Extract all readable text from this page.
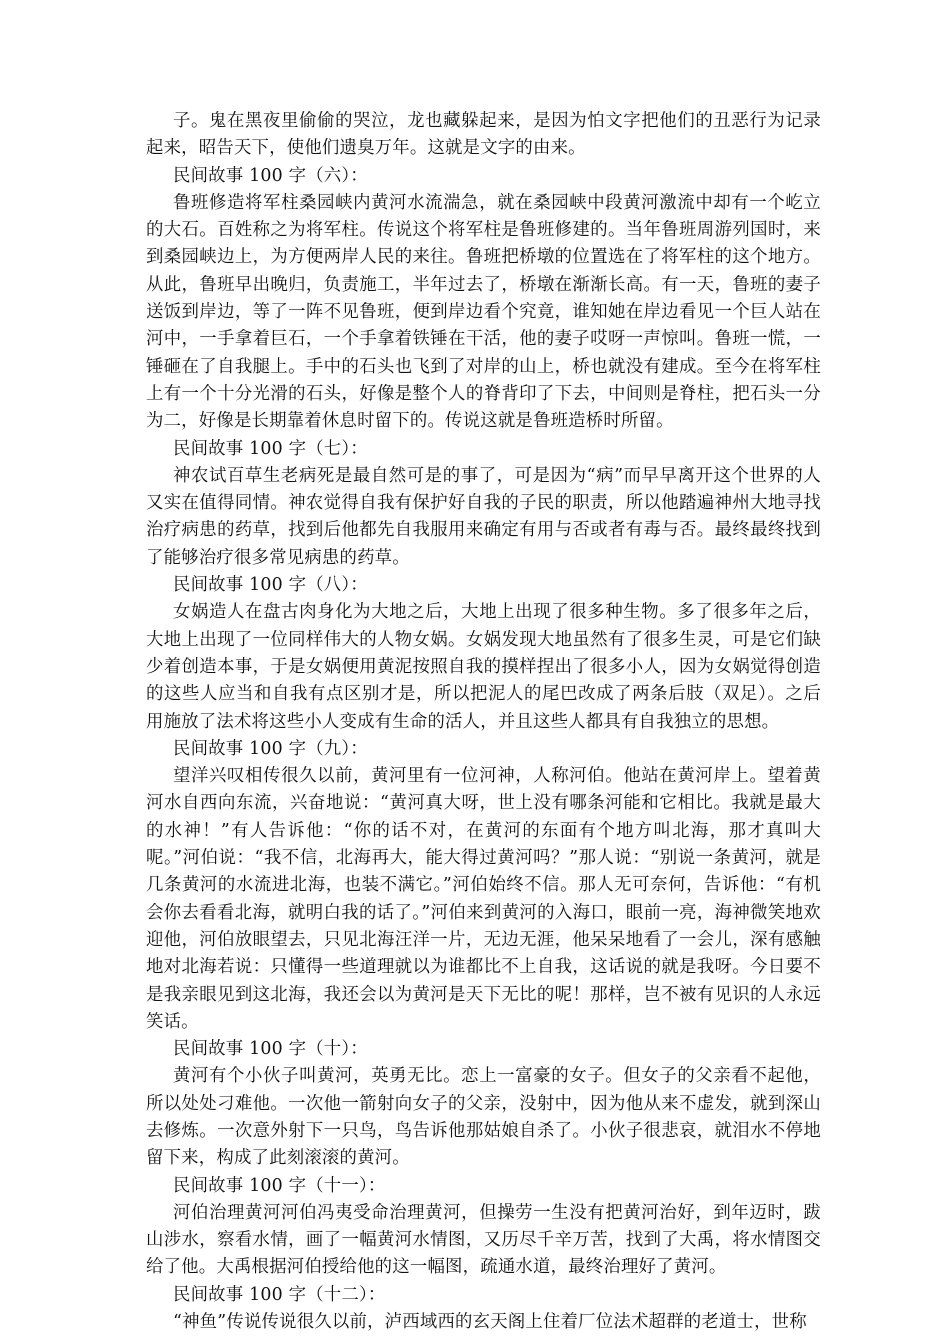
子。鬼在黑夜里偷偷的哭泣，龙也藏躲起来，是因为怕文字把他们的丑恶行为记录起来，昭告天下，使他们遗臭万年。这就是文字的由来。

民间故事 100 字（六）：

鲁班修造将军柱桑园峡内黄河水流湍急，就在桑园峡中段黄河激流中却有一个屹立的大石。百姓称之为将军柱。传说这个将军柱是鲁班修建的。当年鲁班周游列国时，来到桑园峡边上，为方便两岸人民的来往。鲁班把桥墩的位置选在了将军柱的这个地方。从此，鲁班早出晚归，负责施工，半年过去了，桥墩在渐渐长高。有一天，鲁班的妻子送饭到岸边，等了一阵不见鲁班，便到岸边看个究竟，谁知她在岸边看见一个巨人站在河中，一手拿着巨石，一个手拿着铁锤在干活，他的妻子哎呀一声惊叫。鲁班一慌，一锤砸在了自我腿上。手中的石头也飞到了对岸的山上，桥也就没有建成。至今在将军柱上有一个十分光滑的石头，好像是整个人的脊背印了下去，中间则是脊柱，把石头一分为二，好像是长期靠着休息时留下的。传说这就是鲁班造桥时所留。

民间故事 100 字（七）：

神农试百草生老病死是最自然可是的事了，可是因为“病”而早早离开这个世界的人又实在值得同情。神农觉得自我有保护好自我的子民的职责，所以他踏遍神州大地寻找治疗病患的药草，找到后他都先自我服用来确定有用与否或者有毒与否。最终最终找到了能够治疗很多常见病患的药草。

民间故事 100 字（八）：

女娲造人在盘古肉身化为大地之后，大地上出现了很多种生物。多了很多年之后，大地上出现了一位同样伟大的人物女娲。女娲发现大地虽然有了很多生灵，可是它们缺少着创造本事，于是女娲便用黄泥按照自我的摸样捏出了很多小人，因为女娲觉得创造的这些人应当和自我有点区别才是，所以把泥人的尾巴改成了两条后肢（双足）。之后用施放了法术将这些小人变成有生命的活人，并且这些人都具有自我独立的思想。

民间故事 100 字（九）：

望洋兴叹相传很久以前，黄河里有一位河神，人称河伯。他站在黄河岸上。望着黄河水自西向东流，兴奋地说：“黄河真大呀，世上没有哪条河能和它相比。我就是最大的水神！”有人告诉他：“你的话不对，在黄河的东面有个地方叫北海，那才真叫大呢。”河伯说：“我不信，北海再大，能大得过黄河吗？”那人说：“别说一条黄河，就是几条黄河的水流进北海，也装不满它。”河伯始终不信。那人无可奈何，告诉他：“有机会你去看看北海，就明白我的话了。”河伯来到黄河的入海口，眼前一亮，海神微笑地欢迎他，河伯放眼望去，只见北海汪洋一片，无边无涯，他呆呆地看了一会儿，深有感触地对北海若说：只懂得一些道理就以为谁都比不上自我，这话说的就是我呀。今日要不是我亲眼见到这北海，我还会以为黄河是天下无比的呢！那样，岂不被有见识的人永远笑话。

民间故事 100 字（十）：

黄河有个小伙子叫黄河，英勇无比。恋上一富豪的女子。但女子的父亲看不起他，所以处处刁难他。一次他一箭射向女子的父亲，没射中，因为他从来不虚发，就到深山去修炼。一次意外射下一只鸟，鸟告诉他那姑娘自杀了。小伙子很悲哀，就泪水不停地留下来，构成了此刻滚滚的黄河。

民间故事 100 字（十一）：

河伯治理黄河河伯冯夷受命治理黄河，但操劳一生没有把黄河治好，到年迈时，跋山涉水，察看水情，画了一幅黄河水情图，又历尽千辛万苦，找到了大禹，将水情图交给了他。大禹根据河伯授给他的这一幅图，疏通水道，最终治理好了黄河。

民间故事 100 字（十二）：

“神鱼”传说传说很久以前，泸西域西的玄天阁上住着厂位法术超群的老道士，世称
